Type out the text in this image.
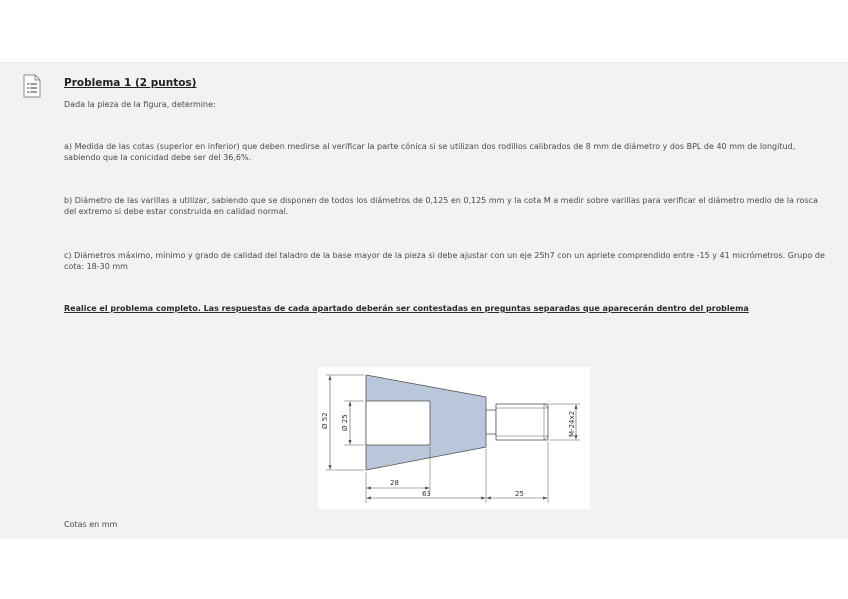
Problema 1 (2 puntos)

Dada la pieza de la figura, determine:

a) Medida de las cotas (superior en inferior) que deben medirse al verificar la parte cónica si se utilizan dos rodillos calibrados de 8 mm de diámetro y dos BPL de 40 mm de longitud, sabiendo que la conicidad debe ser del 36,6%.

b) Diámetro de las varillas a utilizar, sabiendo que se disponen de todos los diámetros de 0,125 en 0,125 mm y la cota M a medir sobre varillas para verificar el diámetro medio de la rosca del extremo si debe estar construida en calidad normal.

c) Diámetros máximo, mínimo y grado de calidad del taladro de la base mayor de la pieza si debe ajustar con un eje 25h7 con un apriete comprendido entre -15 y 41 micrómetros. Grupo de cota: 18-30 mm

Realice el problema completo. Las respuestas de cada apartado deberán ser contestadas en preguntas separadas que aparecerán dentro del problema

Ø 52 Ø 25	M-24x2
28
63	25

Cotas en mm
